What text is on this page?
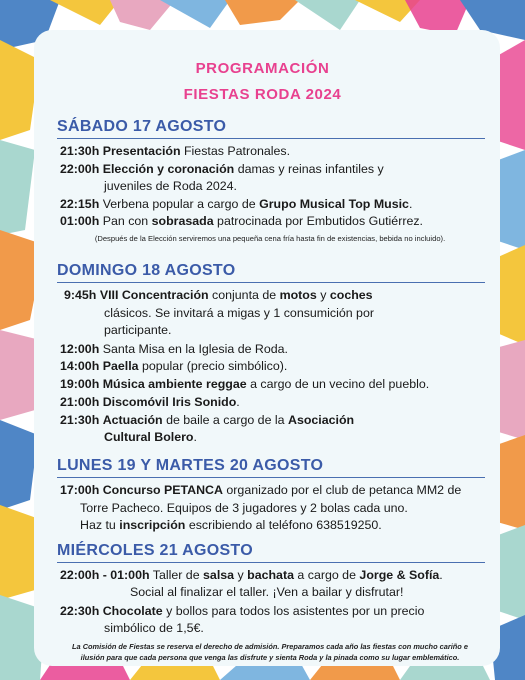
PROGRAMACIÓN
FIESTAS RODA 2024
SÁBADO 17 AGOSTO
21:30h Presentación Fiestas Patronales.
22:00h Elección y coronación damas y reinas infantiles y
juveniles de Roda 2024.
22:15h Verbena popular a cargo de Grupo Musical Top Music.
01:00h Pan con sobrasada patrocinada por Embutidos Gutiérrez.
(Después de la Elección serviremos una pequeña cena fría hasta fin de existencias, bebida no incluido).
DOMINGO 18 AGOSTO
9:45h VIII Concentración conjunta de motos y coches
clásicos. Se invitará a migas y 1 consumición por
participante.
12:00h Santa Misa en la Iglesia de Roda.
14:00h Paella popular (precio simbólico).
19:00h Música ambiente reggae a cargo de un vecino del pueblo.
21:00h Discomóvil Iris Sonido.
21:30h Actuación de baile a cargo de la Asociación
Cultural Bolero.
LUNES 19 Y MARTES 20 AGOSTO
17:00h Concurso PETANCA organizado por el club de petanca MM2 de
Torre Pacheco. Equipos de 3 jugadores y 2 bolas cada uno.
Haz tu inscripción escribiendo al teléfono 638519250.
MIÉRCOLES 21 AGOSTO
22:00h - 01:00h Taller de salsa y bachata a cargo de Jorge & Sofía.
Social al finalizar el taller. ¡Ven a bailar y disfrutar!
22:30h Chocolate y bollos para todos los asistentes por un precio
simbólico de 1,5€.
La Comisión de Fiestas se reserva el derecho de admisión. Preparamos cada año las fiestas con mucho cariño e ilusión para que cada persona que venga las disfrute y sienta Roda y la pinada como su lugar emblemático.
